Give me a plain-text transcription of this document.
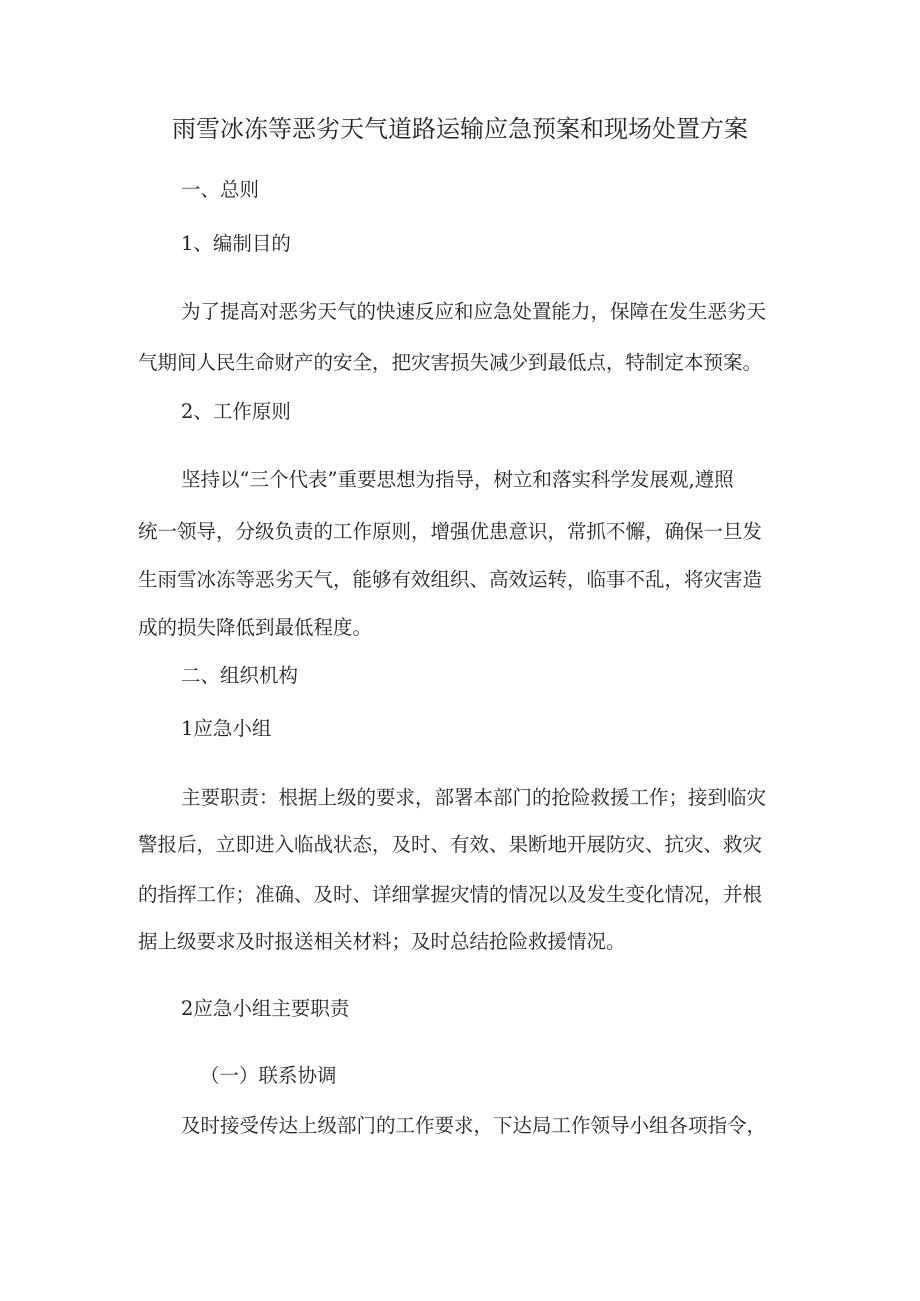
雨雪冰冻等恶劣天气道路运输应急预案和现场处置方案
一、总则
1、编制目的
为了提高对恶劣天气的快速反应和应急处置能力，保障在发生恶劣天
气期间人民生命财产的安全，把灾害损失减少到最低点，特制定本预案。
2、工作原则
坚持以“三个代表”重要思想为指导，树立和落实科学发展观,遵照
统一领导，分级负责的工作原则，增强优患意识，常抓不懈，确保一旦发
生雨雪冰冻等恶劣天气，能够有效组织、高效运转，临事不乱，将灾害造
成的损失降低到最低程度。
二、组织机构
1应急小组
主要职责：根据上级的要求，部署本部门的抢险救援工作；接到临灾
警报后，立即进入临战状态，及时、有效、果断地开展防灾、抗灾、救灾
的指挥工作；准确、及时、详细掌握灾情的情况以及发生变化情况，并根
据上级要求及时报送相关材料；及时总结抢险救援情况。
2应急小组主要职责
（一）联系协调
及时接受传达上级部门的工作要求，下达局工作领导小组各项指令，
